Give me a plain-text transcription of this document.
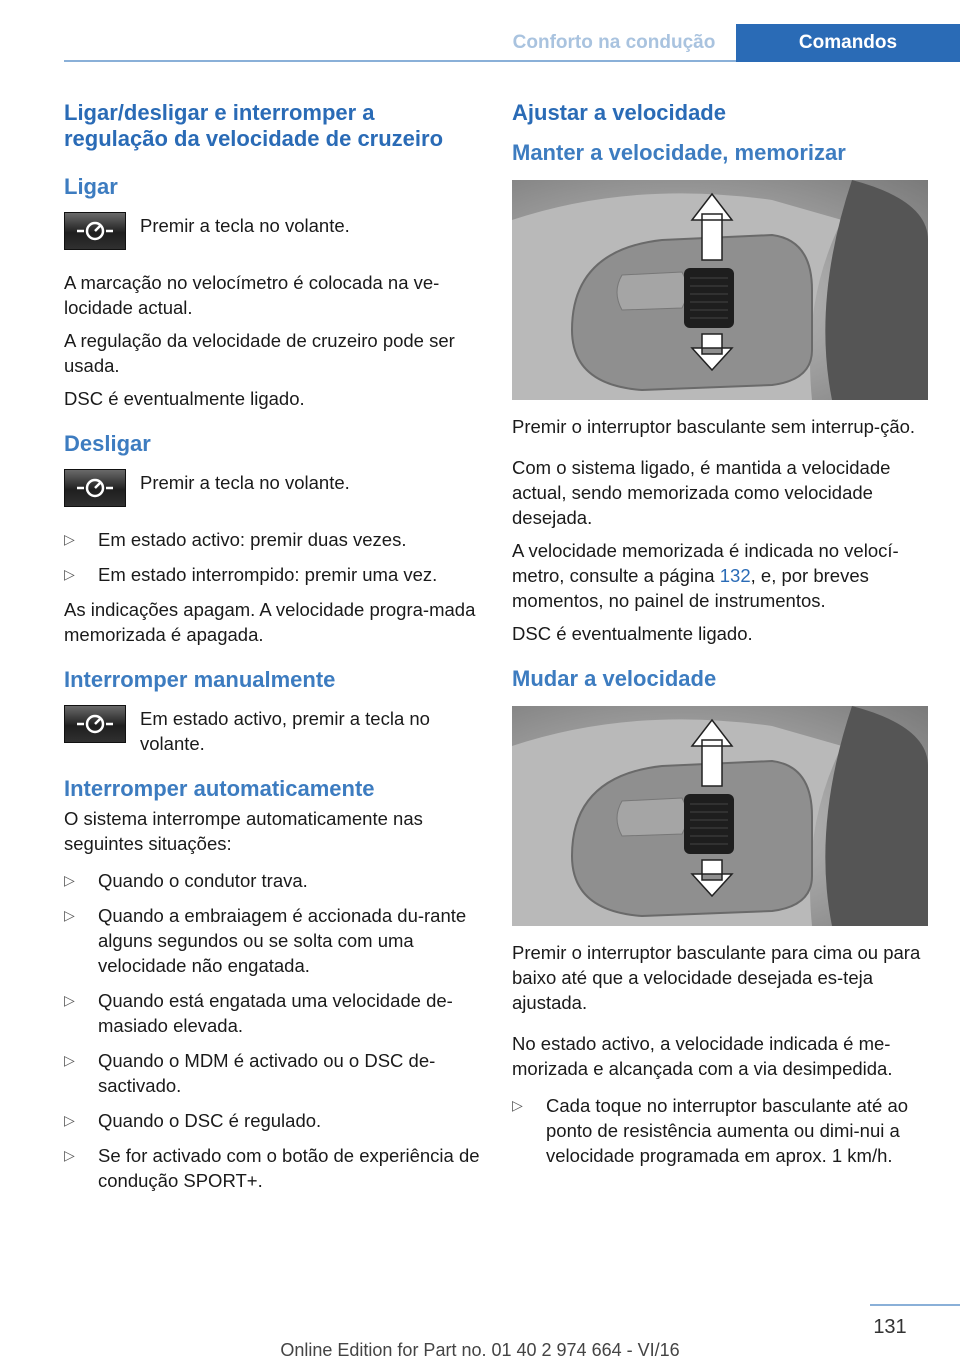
Conforto na condução	Comandos
Ligar/desligar e interromper a regulação da velocidade de cruzeiro
Ligar
Premir a tecla no volante.
A marcação no velocímetro é colocada na ve-locidade actual.
A regulação da velocidade de cruzeiro pode ser usada.
DSC é eventualmente ligado.
Desligar
Premir a tecla no volante.
▷ Em estado activo: premir duas vezes.
▷ Em estado interrompido: premir uma vez.
As indicações apagam. A velocidade progra-mada memorizada é apagada.
Interromper manualmente
Em estado activo, premir a tecla no volante.
Interromper automaticamente
O sistema interrompe automaticamente nas seguintes situações:
▷ Quando o condutor trava.
▷ Quando a embraiagem é accionada du-rante alguns segundos ou se solta com uma velocidade não engatada.
▷ Quando está engatada uma velocidade de-masiado elevada.
▷ Quando o MDM é activado ou o DSC de-sactivado.
▷ Quando o DSC é regulado.
▷ Se for activado com o botão de experiência de condução SPORT+.
Ajustar a velocidade
Manter a velocidade, memorizar
Premir o interruptor basculante sem interrup-ção.
Com o sistema ligado, é mantida a velocidade actual, sendo memorizada como velocidade desejada.
A velocidade memorizada é indicada no velocí-metro, consulte a página 132, e, por breves momentos, no painel de instrumentos.
DSC é eventualmente ligado.
Mudar a velocidade
Premir o interruptor basculante para cima ou para baixo até que a velocidade desejada es-teja ajustada.
No estado activo, a velocidade indicada é me-morizada e alcançada com a via desimpedida.
▷ Cada toque no interruptor basculante até ao ponto de resistência aumenta ou dimi-nui a velocidade programada em aprox. 1 km/h.
131
Online Edition for Part no. 01 40 2 974 664 - VI/16
